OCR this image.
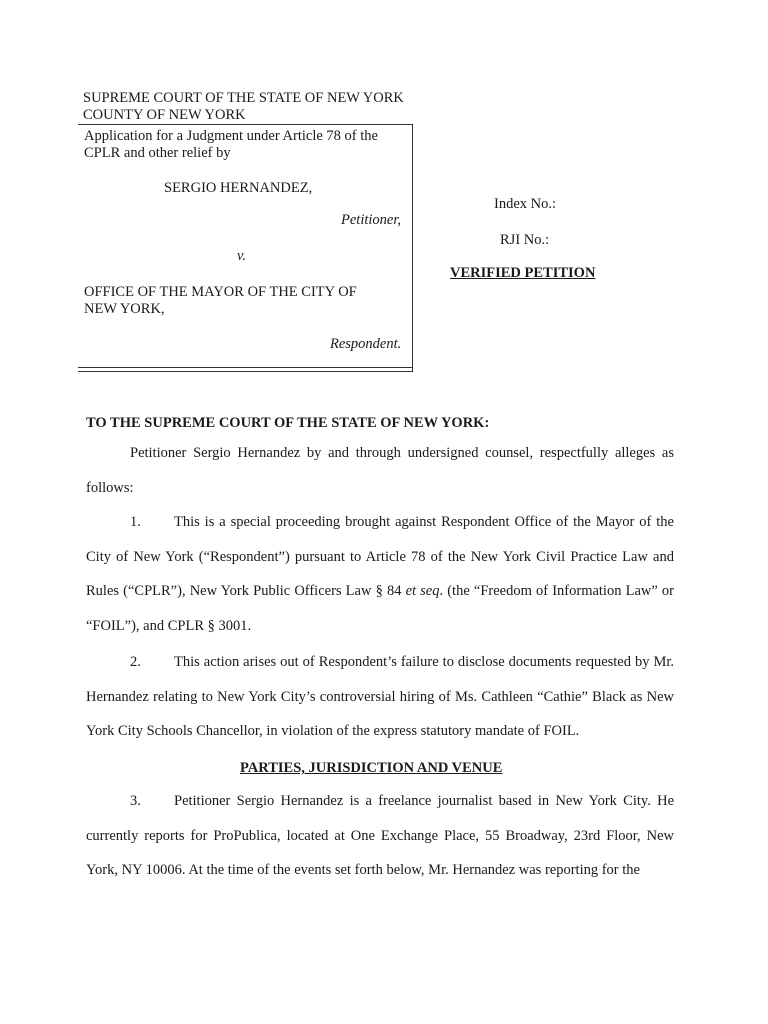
SUPREME COURT OF THE STATE OF NEW YORK
COUNTY OF NEW YORK
Application for a Judgment under Article 78 of the
CPLR and other relief by
SERGIO HERNANDEZ,
Petitioner,
v.
OFFICE OF THE MAYOR OF THE CITY OF
NEW YORK,
Respondent.
Index No.:
RJI No.:
VERIFIED PETITION
TO THE SUPREME COURT OF THE STATE OF NEW YORK:
Petitioner Sergio Hernandez by and through undersigned counsel, respectfully alleges as follows:
1. This is a special proceeding brought against Respondent Office of the Mayor of the City of New York (“Respondent”) pursuant to Article 78 of the New York Civil Practice Law and Rules (“CPLR”), New York Public Officers Law § 84 et seq. (the “Freedom of Information Law” or “FOIL”), and CPLR § 3001.
2. This action arises out of Respondent’s failure to disclose documents requested by Mr. Hernandez relating to New York City’s controversial hiring of Ms. Cathleen “Cathie” Black as New York City Schools Chancellor, in violation of the express statutory mandate of FOIL.
PARTIES, JURISDICTION AND VENUE
3. Petitioner Sergio Hernandez is a freelance journalist based in New York City. He currently reports for ProPublica, located at One Exchange Place, 55 Broadway, 23rd Floor, New York, NY 10006. At the time of the events set forth below, Mr. Hernandez was reporting for the
